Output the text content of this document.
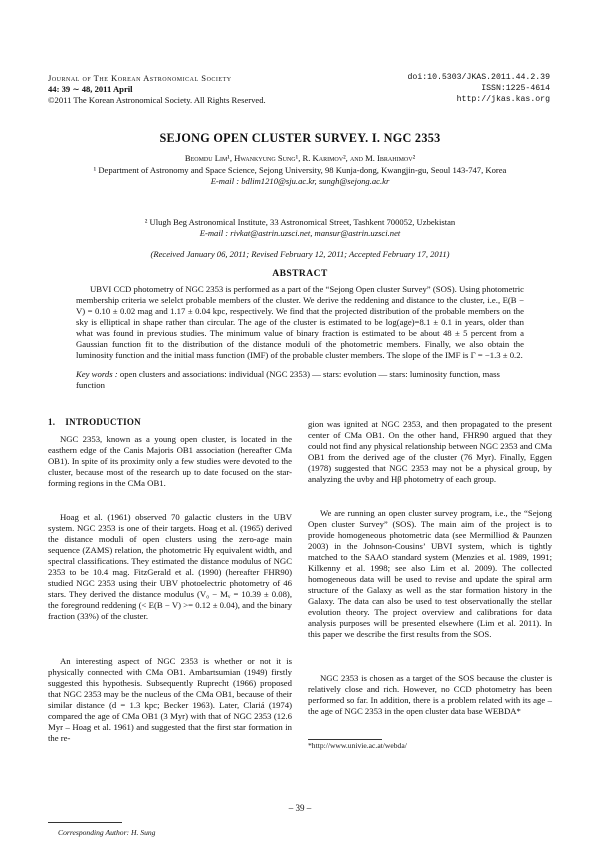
Journal of The Korean Astronomical Society
44: 39 ∼ 48, 2011 April
©2011 The Korean Astronomical Society. All Rights Reserved.
doi:10.5303/JKAS.2011.44.2.39
ISSN:1225-4614
http://jkas.kas.org
SEJONG OPEN CLUSTER SURVEY. I. NGC 2353
Beomdu Lim¹, Hwankyung Sung¹, R. Karimov², and M. Ibrahimov²
¹ Department of Astronomy and Space Science, Sejong University, 98 Kunja-dong, Kwangjin-gu, Seoul 143-747, Korea
E-mail : bdlim1210@sju.ac.kr, sungh@sejong.ac.kr
² Ulugh Beg Astronomical Institute, 33 Astronomical Street, Tashkent 700052, Uzbekistan
E-mail : rivkat@astrin.uzsci.net, mansur@astrin.uzsci.net
(Received January 06, 2011; Revised February 12, 2011; Accepted February 17, 2011)
ABSTRACT

UBVI CCD photometry of NGC 2353 is performed as a part of the “Sejong Open cluster Survey” (SOS). Using photometric membership criteria we selelct probable members of the cluster. We derive the reddening and distance to the cluster, i.e., E(B − V) = 0.10 ± 0.02 mag and 1.17 ± 0.04 kpc, respectively. We find that the projected distribution of the probable members on the sky is elliptical in shape rather than circular. The age of the cluster is estimated to be log(age)=8.1 ± 0.1 in years, older than what was found in previous studies. The minimum value of binary fraction is estimated to be about 48 ± 5 percent from a Gaussian function fit to the distribution of the distance moduli of the photometric members. Finally, we also obtain the luminosity function and the initial mass function (IMF) of the probable cluster members. The slope of the IMF is Γ = −1.3 ± 0.2.

Key words : open clusters and associations: individual (NGC 2353) — stars: evolution — stars: luminosity function, mass function

1. INTRODUCTION

NGC 2353, known as a young open cluster, is located in the easthern edge of the Canis Majoris OB1 association (hereafter CMa OB1). In spite of its proximity only a few studies were devoted to the cluster, because most of the research up to date focused on the star-forming regions in the CMa OB1.

Hoag et al. (1961) observed 70 galactic clusters in the UBV system. NGC 2353 is one of their targets. Hoag et al. (1965) derived the distance moduli of open clusters using the zero-age main sequence (ZAMS) relation, the photometric Hγ equivalent width, and spectral classifications. They estimated the distance modulus of NGC 2353 to be 10.4 mag. FitzGerald et al. (1990) (hereafter FHR90) studied NGC 2353 using their UBV photoelectric photometry of 46 stars. They derived the distance modulus (V₀ − Mᵥ = 10.39 ± 0.08), the foreground reddening (< E(B − V) >= 0.12 ± 0.04), and the binary fraction (33%) of the cluster.

An interesting aspect of NGC 2353 is whether or not it is physically connected with CMa OB1. Ambartsumian (1949) firstly suggested this hypothesis. Subsequently Ruprecht (1966) proposed that NGC 2353 may be the nucleus of the CMa OB1, because of their similar distance (d = 1.3 kpc; Becker 1963). Later, Clariá (1974) compared the age of CMa OB1 (3 Myr) with that of NGC 2353 (12.6 Myr – Hoag et al. 1961) and suggested that the first star formation in the re-

gion was ignited at NGC 2353, and then propagated to the present center of CMa OB1. On the other hand, FHR90 argued that they could not find any physical relationship between NGC 2353 and CMa OB1 from the derived age of the cluster (76 Myr). Finally, Eggen (1978) suggested that NGC 2353 may not be a physical group, by analyzing the uvby and Hβ photometry of each group.

We are running an open cluster survey program, i.e., the “Sejong Open cluster Survey” (SOS). The main aim of the project is to provide homogeneous photometric data (see Mermilliod & Paunzen 2003) in the Johnson-Cousins’ UBVI system, which is tightly matched to the SAAO standard system (Menzies et al. 1989, 1991; Kilkenny et al. 1998; see also Lim et al. 2009). The collected homogeneous data will be used to revise and update the spiral arm structure of the Galaxy as well as the star formation history in the Galaxy. The data can also be used to test observationally the stellar evolution theory. The project overview and calibrations for data analysis purposes will be presented elsewhere (Lim et al. 2011). In this paper we describe the first results from the SOS.

NGC 2353 is chosen as a target of the SOS because the cluster is relatively close and rich. However, no CCD photometry has been performed so far. In addition, there is a problem related with its age – the age of NGC 2353 in the open cluster data base WEBDA*

*http://www.univie.ac.at/webda/
– 39 –
Corresponding Author: H. Sung
